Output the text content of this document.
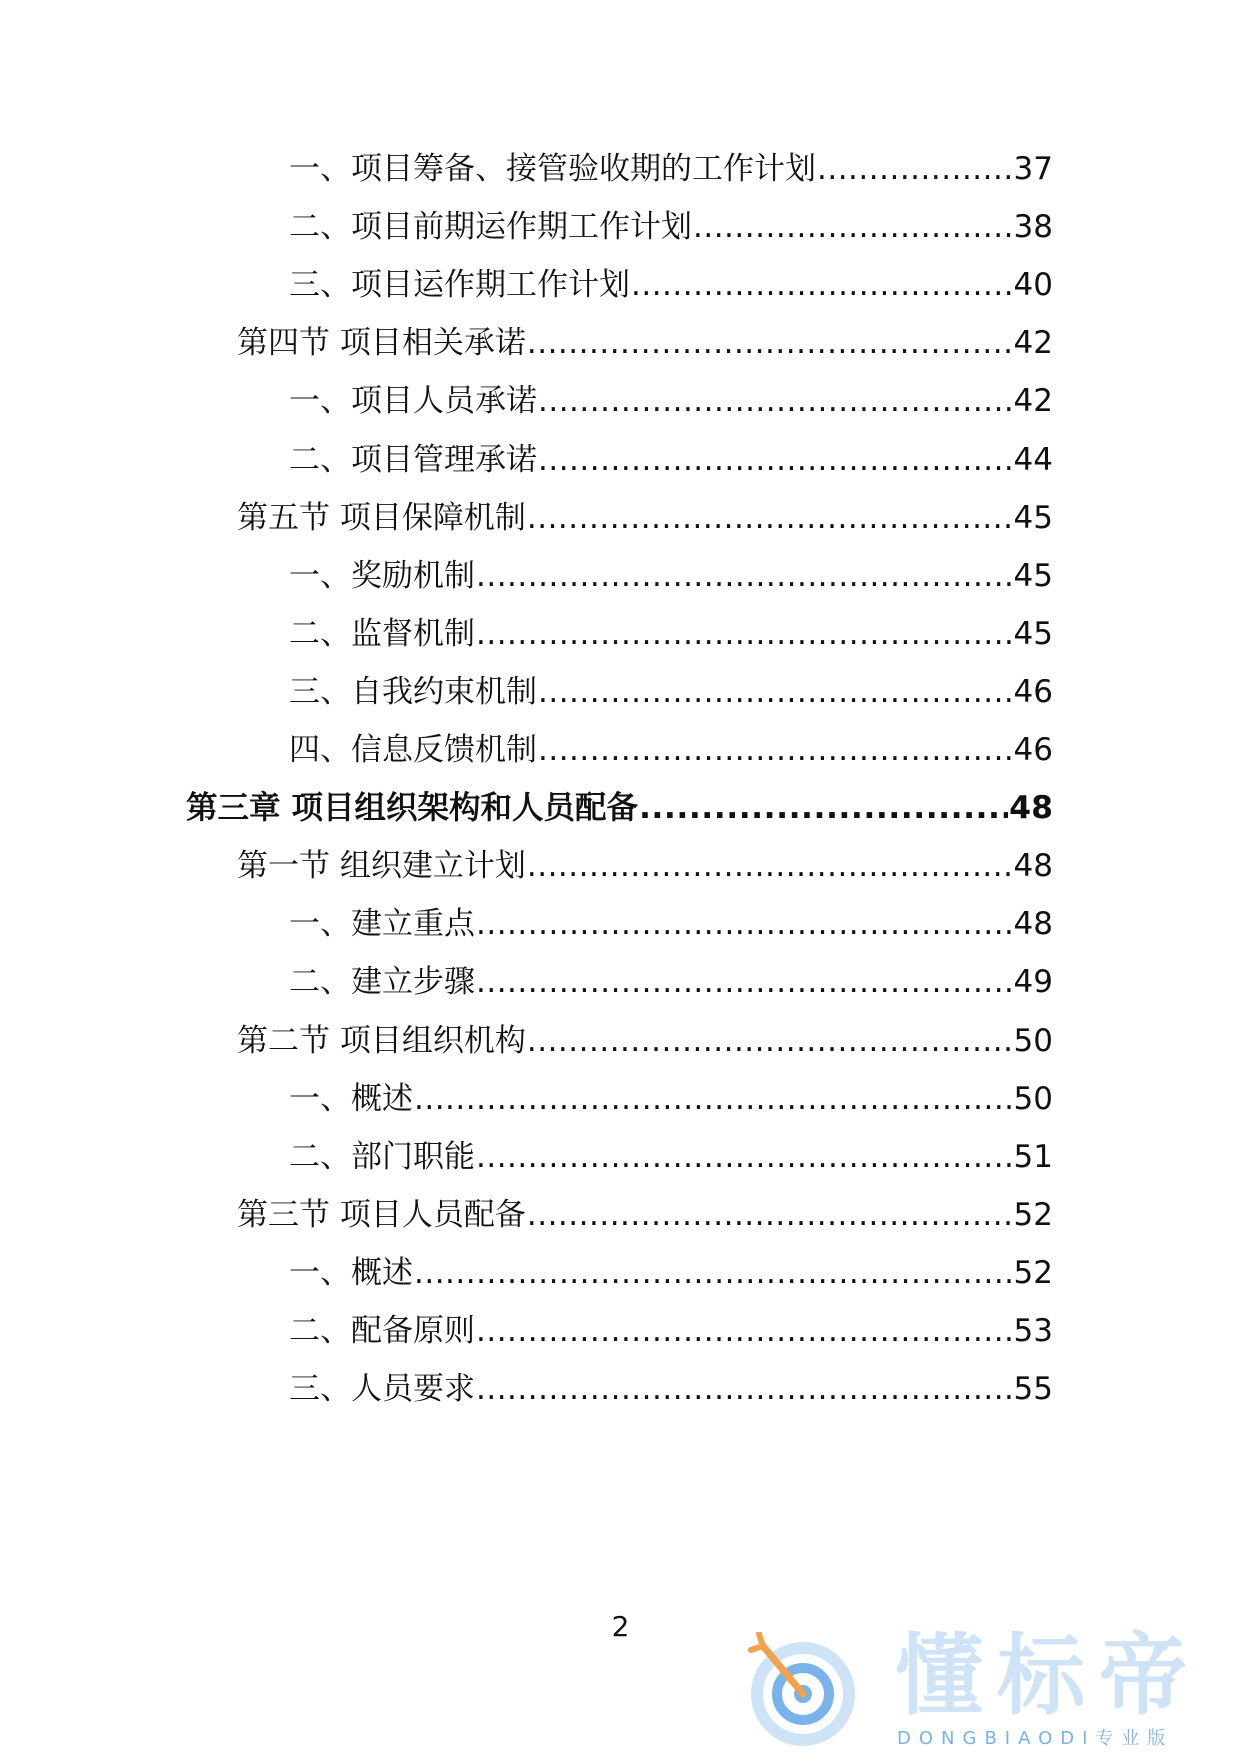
一、项目筹备、接管验收期的工作计划 .....	37
二、项目前期运作期工作计划 .....	38
三、项目运作期工作计划 .....	40
第四节 项目相关承诺 .....	42
一、项目人员承诺 .....	42
二、项目管理承诺 .....	44
第五节 项目保障机制 .....	45
一、奖励机制 .....	45
二、监督机制 .....	45
三、自我约束机制 .....	46
四、信息反馈机制 .....	46
第三章 项目组织架构和人员配备 .....	48
第一节 组织建立计划 .....	48
一、建立重点 .....	48
二、建立步骤 .....	49
第二节 项目组织机构 .....	50
一、概述 .....	50
二、部门职能 .....	51
第三节 项目人员配备 .....	52
一、概述 .....	52
二、配备原则 .....	53
三、人员要求 .....	55
2	懂标帝
DONGBIAODI专业版
